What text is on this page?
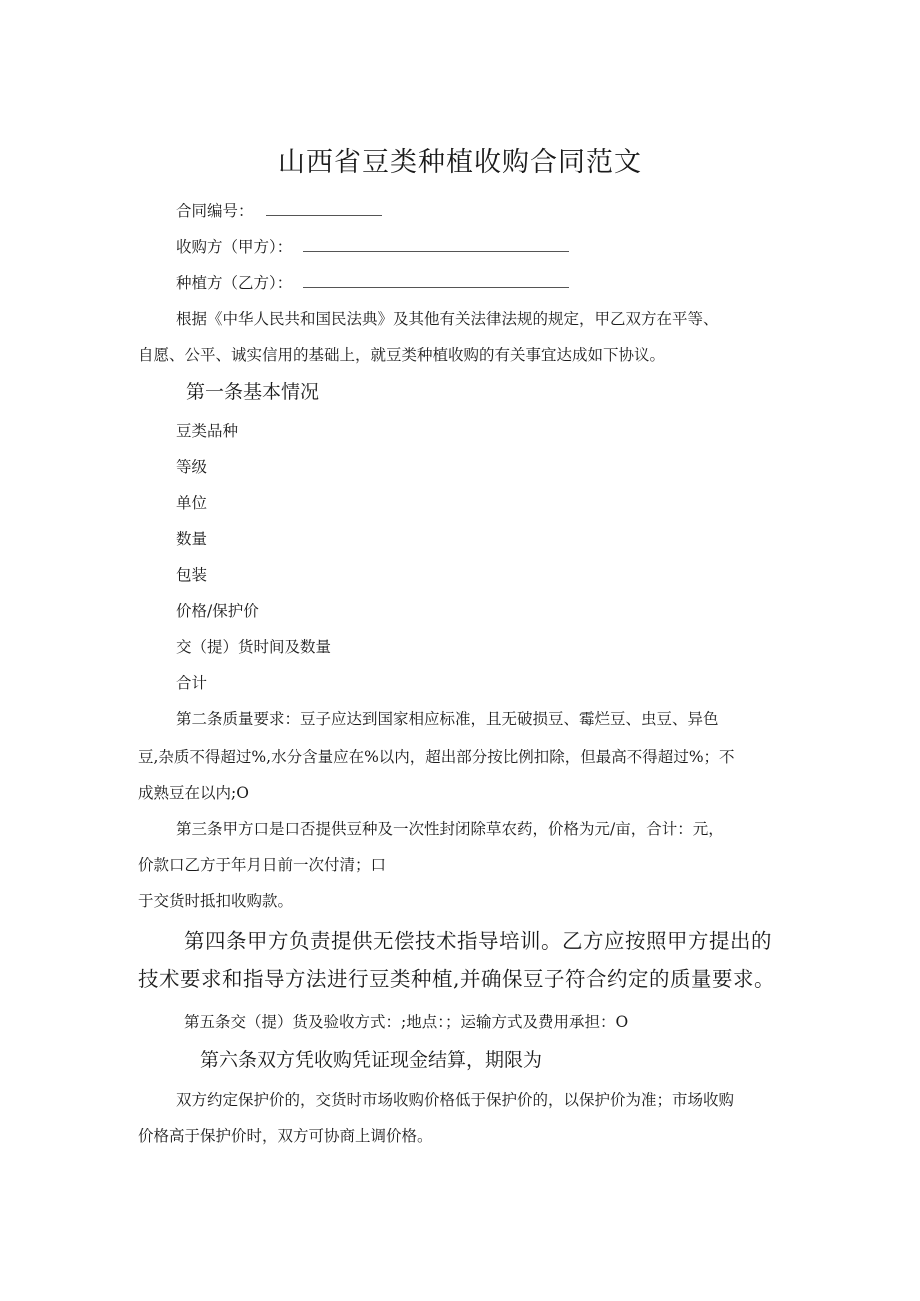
山西省豆类种植收购合同范文
合同编号：
收购方（甲方）：
种植方（乙方）：
根据《中华人民共和国民法典》及其他有关法律法规的规定，甲乙双方在平等、
自愿、公平、诚实信用的基础上，就豆类种植收购的有关事宜达成如下协议。
第一条基本情况
豆类品种
等级
单位
数量
包装
价格/保护价
交（提）货时间及数量
合计
第二条质量要求：豆子应达到国家相应标准，且无破损豆、霉烂豆、虫豆、异色
豆,杂质不得超过%,水分含量应在%以内，超出部分按比例扣除，但最高不得超过%；不
成熟豆在以内;O
第三条甲方口是口否提供豆种及一次性封闭除草农药，价格为元/亩，合计：元，
价款口乙方于年月日前一次付清；口
于交货时抵扣收购款。
第四条甲方负责提供无偿技术指导培训。乙方应按照甲方提出的
技术要求和指导方法进行豆类种植,并确保豆子符合约定的质量要求。
第五条交（提）货及验收方式：;地点：；运输方式及费用承担：O
第六条双方凭收购凭证现金结算，期限为
双方约定保护价的，交货时市场收购价格低于保护价的，以保护价为准；市场收购
价格高于保护价时，双方可协商上调价格。
